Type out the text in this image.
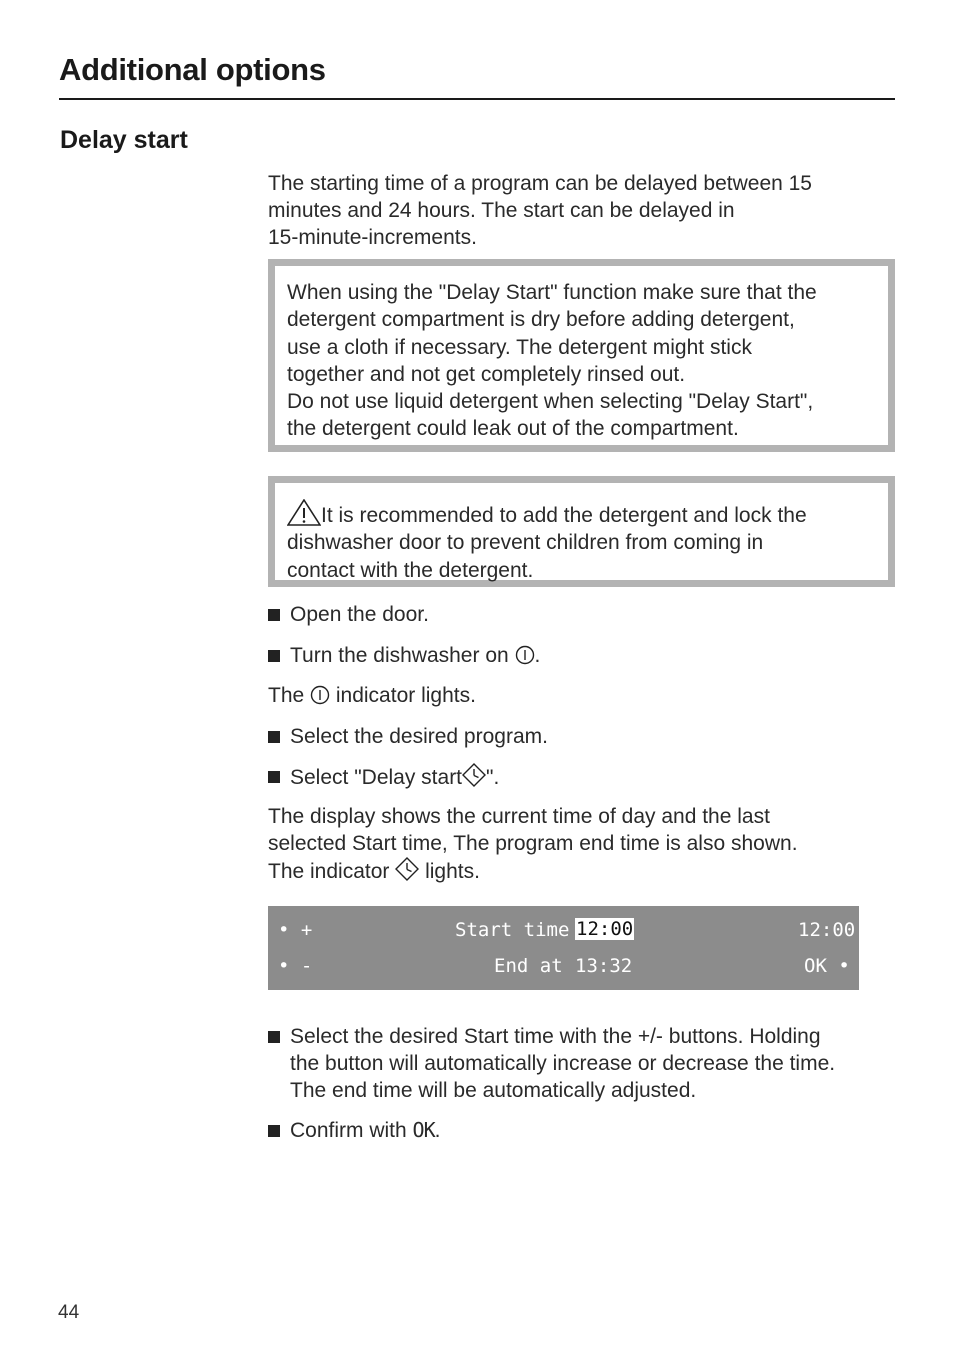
Additional options
Delay start
The starting time of a program can be delayed between 15
minutes and 24 hours. The start can be delayed in
15-minute-increments.
When using the "Delay Start" function make sure that the
detergent compartment is dry before adding detergent,
use a cloth if necessary. The detergent might stick
together and not get completely rinsed out.
Do not use liquid detergent when selecting "Delay Start",
the detergent could leak out of the compartment.
It is recommended to add the detergent and lock the
dishwasher door to prevent children from coming in
contact with the detergent.
Open the door.
Turn the dishwasher on .
The  indicator lights.
Select the desired program.
Select "Delay start ".
The display shows the current time of day and the last
selected Start time, The program end time is also shown.
The indicator  lights.
• +	Start time 12:00	12:00
• -	End at 13:32	OK •
Select the desired Start time with the +/- buttons. Holding
the button will automatically increase or decrease the time.
The end time will be automatically adjusted.
Confirm with OK.
44
